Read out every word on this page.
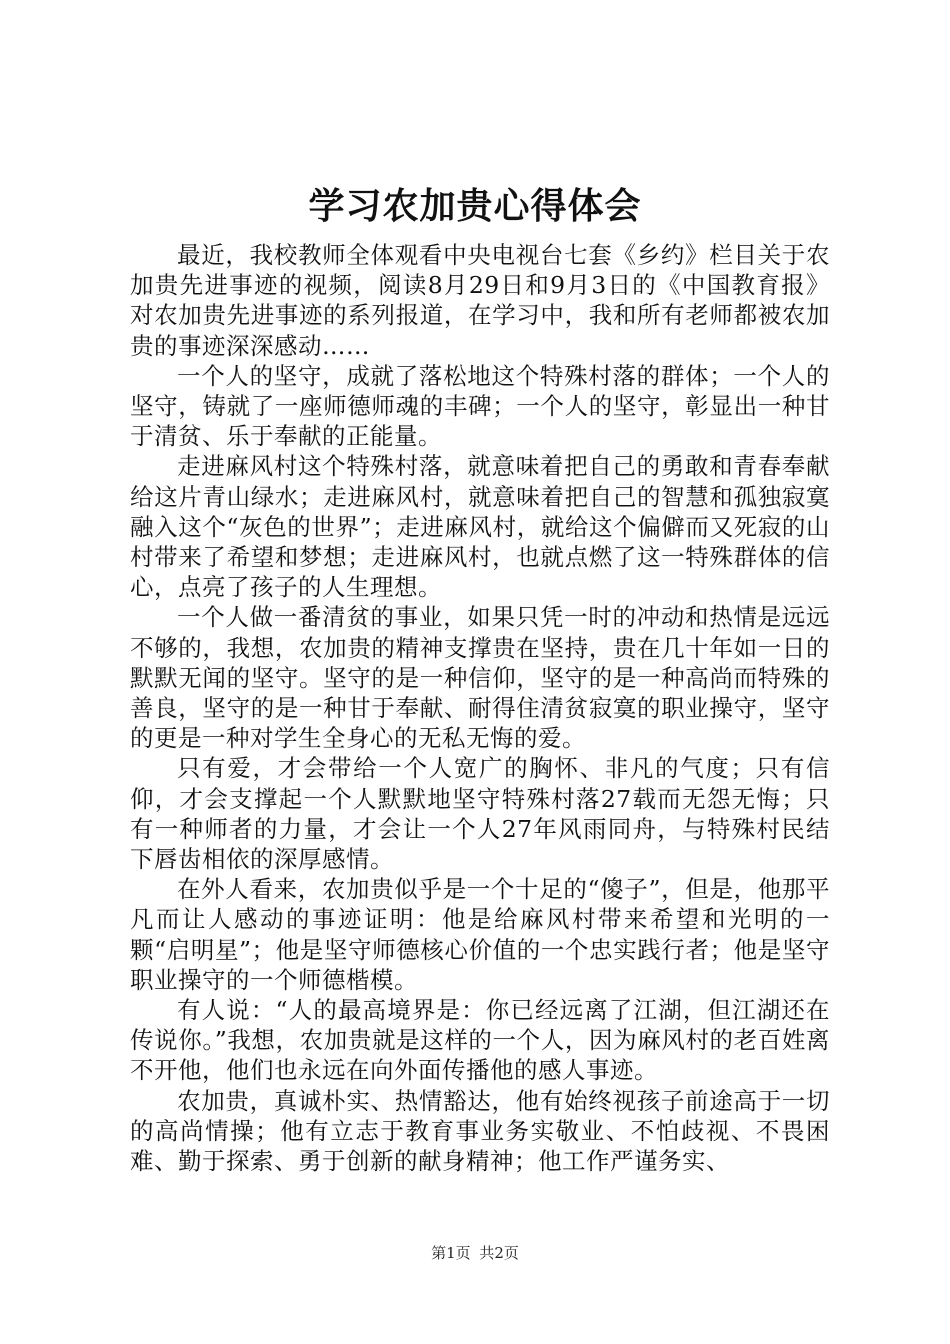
学习农加贵心得体会

最近，我校教师全体观看中央电视台七套《乡约》栏目关于农加贵先进事迹的视频，阅读8月29日和9月3日的《中国教育报》对农加贵先进事迹的系列报道，在学习中，我和所有老师都被农加贵的事迹深深感动……

一个人的坚守，成就了落松地这个特殊村落的群体；一个人的坚守，铸就了一座师德师魂的丰碑；一个人的坚守，彰显出一种甘于清贫、乐于奉献的正能量。

走进麻风村这个特殊村落，就意味着把自己的勇敢和青春奉献给这片青山绿水；走进麻风村，就意味着把自己的智慧和孤独寂寞融入这个“灰色的世界”；走进麻风村，就给这个偏僻而又死寂的山村带来了希望和梦想；走进麻风村，也就点燃了这一特殊群体的信心，点亮了孩子的人生理想。

一个人做一番清贫的事业，如果只凭一时的冲动和热情是远远不够的，我想，农加贵的精神支撑贵在坚持，贵在几十年如一日的默默无闻的坚守。坚守的是一种信仰，坚守的是一种高尚而特殊的善良，坚守的是一种甘于奉献、耐得住清贫寂寞的职业操守，坚守的更是一种对学生全身心的无私无悔的爱。

只有爱，才会带给一个人宽广的胸怀、非凡的气度；只有信仰，才会支撑起一个人默默地坚守特殊村落27载而无怨无悔；只有一种师者的力量，才会让一个人27年风雨同舟，与特殊村民结下唇齿相依的深厚感情。

在外人看来，农加贵似乎是一个十足的“傻子”，但是，他那平凡而让人感动的事迹证明：他是给麻风村带来希望和光明的一颗“启明星”；他是坚守师德核心价值的一个忠实践行者；他是坚守职业操守的一个师德楷模。

有人说：“人的最高境界是：你已经远离了江湖，但江湖还在传说你。”我想，农加贵就是这样的一个人，因为麻风村的老百姓离不开他，他们也永远在向外面传播他的感人事迹。

农加贵，真诚朴实、热情豁达，他有始终视孩子前途高于一切的高尚情操；他有立志于教育事业务实敬业、不怕歧视、不畏困难、勤于探索、勇于创新的献身精神；他工作严谨务实、

第1页 共2页
